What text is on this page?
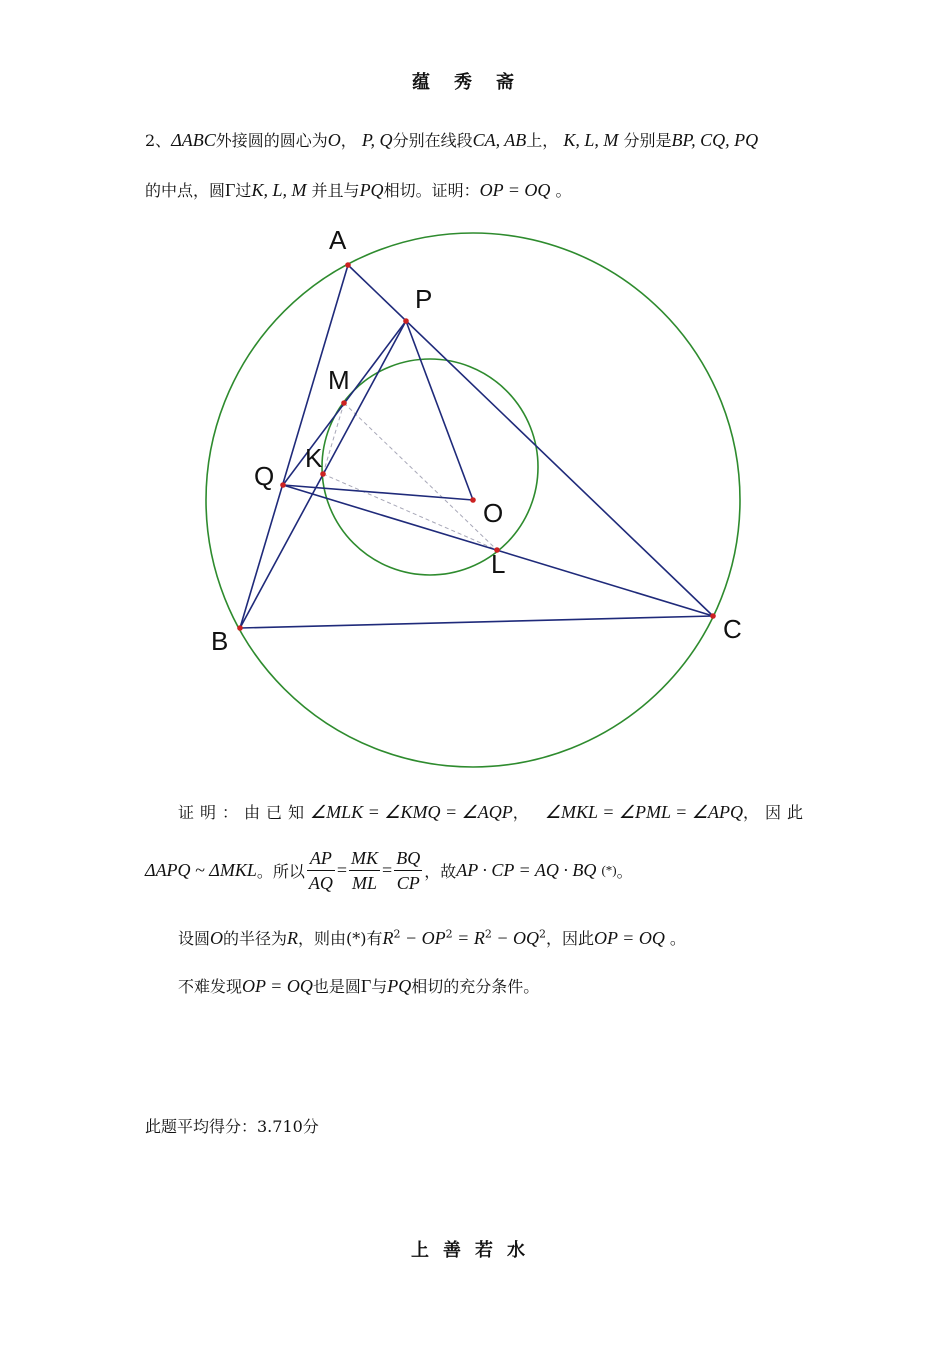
蕴秀斋
2、ΔABC外接圆的圆心为O， P, Q分别在线段CA, AB上， K, L, M 分别是BP, CQ, PQ
的中点，圆Γ过K, L, M 并且与PQ相切。证明：OP = OQ 。
A
P
M
K
Q
O
L
B	C
证明：由已知∠MLK = ∠KMQ = ∠AQP， ∠MKL = ∠PML = ∠APQ，因此
ΔAPQ ~ ΔMKL。所以 $\frac{AP}{AQ} = \frac{MK}{ML} = \frac{BQ}{CP}$ ，故AP · CP = AQ · BQ (*)。
设圆O的半径为R，则由(*)有$R^2 - OP^2 = R^2 - OQ^2$，因此OP = OQ 。
不难发现OP = OQ也是圆Γ与PQ相切的充分条件。
此题平均得分：3.710分
上善若水
